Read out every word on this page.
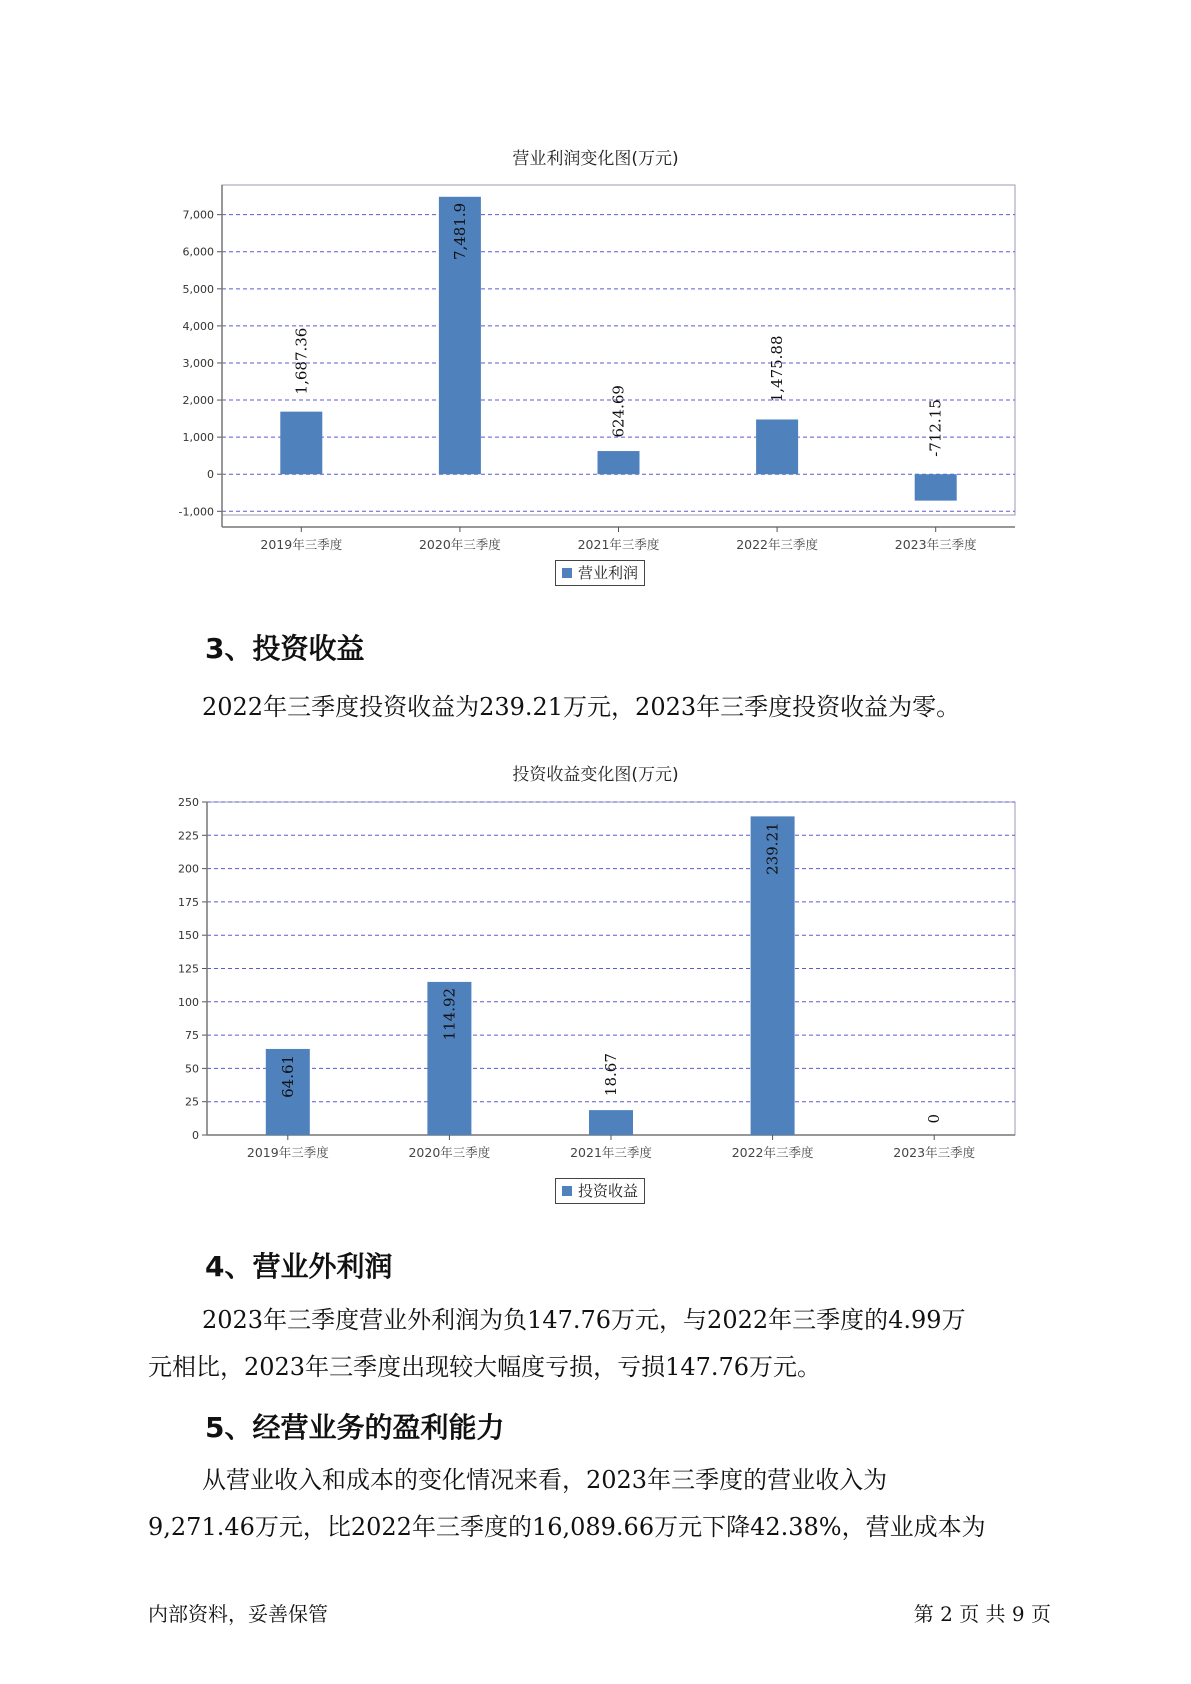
营业利润变化图(万元)
-1,000
0
1,000
2,000
3,000
4,000
5,000
6,000
7,000
2019年三季度
1,687.36
2020年三季度
7,481.9
2021年三季度
624.69
2022年三季度
1,475.88
2023年三季度
-712.15
营业利润
3、投资收益

2022年三季度投资收益为239.21万元，2023年三季度投资收益为零。

投资收益变化图(万元)
0
25
50
75
100
125
150
175
200
225
250
2019年三季度
64.61
2020年三季度
114.92
2021年三季度
18.67
2022年三季度
239.21
2023年三季度
0
投资收益
4、营业外利润

2023年三季度营业外利润为负147.76万元，与2022年三季度的4.99万

元相比，2023年三季度出现较大幅度亏损，亏损147.76万元。

5、经营业务的盈利能力

从营业收入和成本的变化情况来看，2023年三季度的营业收入为

9,271.46万元，比2022年三季度的16,089.66万元下降42.38%，营业成本为

内部资料，妥善保管	第 2 页 共 9 页
